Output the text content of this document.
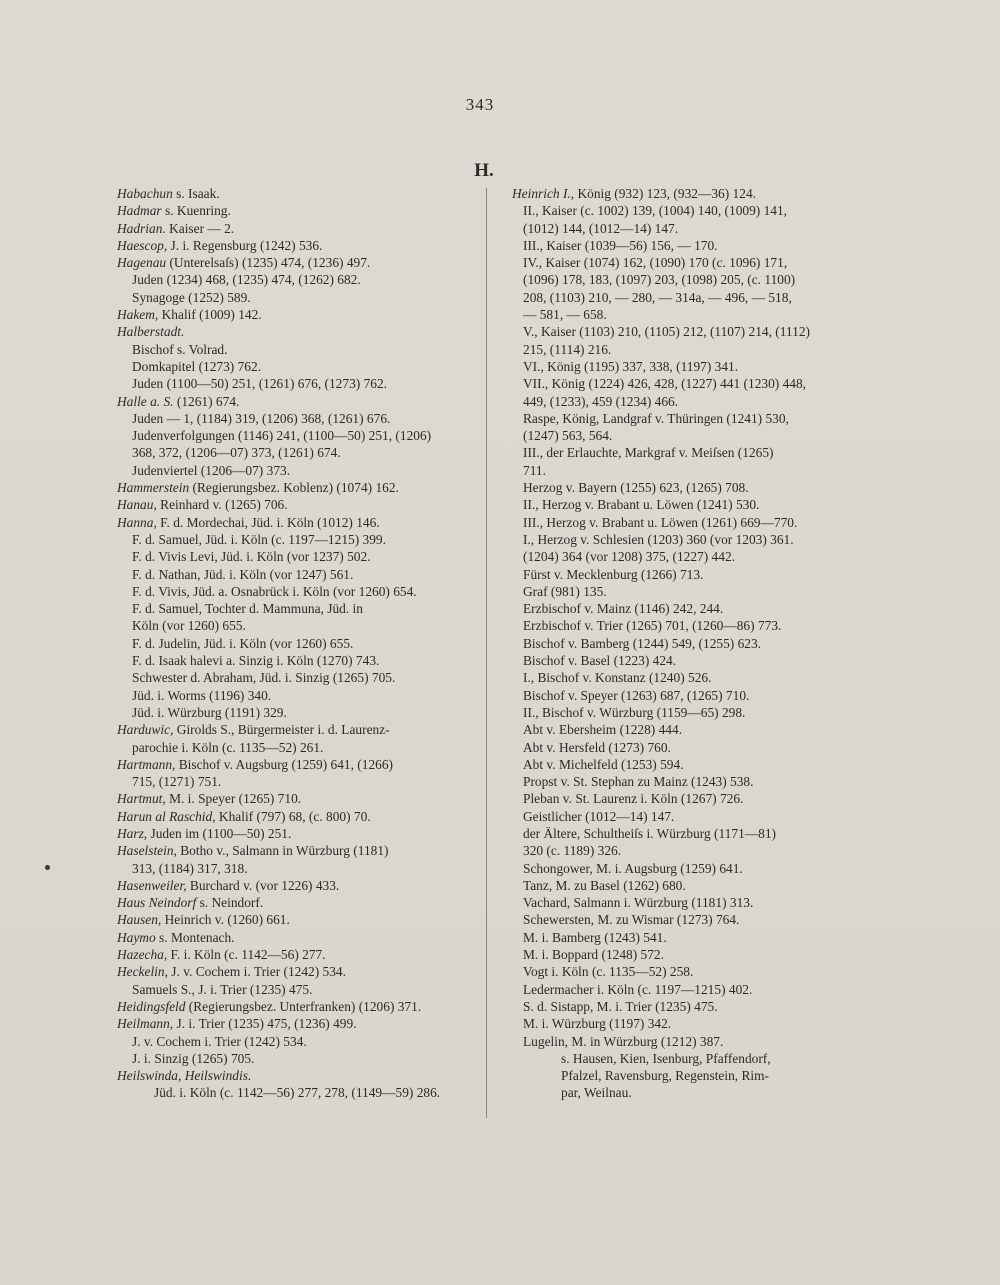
343
H.
Habachun s. Isaak.
Hadmar s. Kuenring.
Hadrian. Kaiser — 2.
Haescop, J. i. Regensburg (1242) 536.
Hagenau (Unterelsaſs) (1235) 474, (1236) 497.
Juden (1234) 468, (1235) 474, (1262) 682.
Synagoge (1252) 589.
Hakem, Khalif (1009) 142.
Halberstadt.
Bischof s. Volrad.
Domkapitel (1273) 762.
Juden (1100—50) 251, (1261) 676, (1273) 762.
Halle a. S. (1261) 674.
Juden — 1, (1184) 319, (1206) 368, (1261) 676.
Judenverfolgungen (1146) 241, (1100—50) 251, (1206)
368, 372, (1206—07) 373, (1261) 674.
Judenviertel (1206—07) 373.
Hammerstein (Regierungsbez. Koblenz) (1074) 162.
Hanau, Reinhard v. (1265) 706.
Hanna, F. d. Mordechai, Jüd. i. Köln (1012) 146.
F. d. Samuel, Jüd. i. Köln (c. 1197—1215) 399.
F. d. Vivis Levi, Jüd. i. Köln (vor 1237) 502.
F. d. Nathan, Jüd. i. Köln (vor 1247) 561.
F. d. Vivis, Jüd. a. Osnabrück i. Köln (vor 1260) 654.
F. d. Samuel, Tochter d. Mammuna, Jüd. in
Köln (vor 1260) 655.
F. d. Judelin, Jüd. i. Köln (vor 1260) 655.
F. d. Isaak halevi a. Sinzig i. Köln (1270) 743.
Schwester d. Abraham, Jüd. i. Sinzig (1265) 705.
Jüd. i. Worms (1196) 340.
Jüd. i. Würzburg (1191) 329.
Harduwic, Girolds S., Bürgermeister i. d. Laurenz-
parochie i. Köln (c. 1135—52) 261.
Hartmann, Bischof v. Augsburg (1259) 641, (1266)
715, (1271) 751.
Hartmut, M. i. Speyer (1265) 710.
Harun al Raschid, Khalif (797) 68, (c. 800) 70.
Harz, Juden im (1100—50) 251.
Haselstein, Botho v., Salmann in Würzburg (1181)
313, (1184) 317, 318.
Hasenweiler, Burchard v. (vor 1226) 433.
Haus Neindorf s. Neindorf.
Hausen, Heinrich v. (1260) 661.
Haymo s. Montenach.
Hazecha, F. i. Köln (c. 1142—56) 277.
Heckelin, J. v. Cochem i. Trier (1242) 534.
Samuels S., J. i. Trier (1235) 475.
Heidingsfeld (Regierungsbez. Unterfranken) (1206) 371.
Heilmann, J. i. Trier (1235) 475, (1236) 499.
J. v. Cochem i. Trier (1242) 534.
J. i. Sinzig (1265) 705.
Heilswinda, Heilswindis.
Jüd. i. Köln (c. 1142—56) 277, 278, (1149—59) 286.
Heinrich I., König (932) 123, (932—36) 124.
II., Kaiser (c. 1002) 139, (1004) 140, (1009) 141,
(1012) 144, (1012—14) 147.
III., Kaiser (1039—56) 156, — 170.
IV., Kaiser (1074) 162, (1090) 170 (c. 1096) 171,
(1096) 178, 183, (1097) 203, (1098) 205, (c. 1100)
208, (1103) 210, — 280, — 314a, — 496, — 518,
— 581, — 658.
V., Kaiser (1103) 210, (1105) 212, (1107) 214, (1112)
215, (1114) 216.
VI., König (1195) 337, 338, (1197) 341.
VII., König (1224) 426, 428, (1227) 441 (1230) 448,
449, (1233), 459 (1234) 466.
Raspe, König, Landgraf v. Thüringen (1241) 530,
(1247) 563, 564.
III., der Erlauchte, Markgraf v. Meiſsen (1265)
711.
Herzog v. Bayern (1255) 623, (1265) 708.
II., Herzog v. Brabant u. Löwen (1241) 530.
III., Herzog v. Brabant u. Löwen (1261) 669—770.
I., Herzog v. Schlesien (1203) 360 (vor 1203) 361.
(1204) 364 (vor 1208) 375, (1227) 442.
Fürst v. Mecklenburg (1266) 713.
Graf (981) 135.
Erzbischof v. Mainz (1146) 242, 244.
Erzbischof v. Trier (1265) 701, (1260—86) 773.
Bischof v. Bamberg (1244) 549, (1255) 623.
Bischof v. Basel (1223) 424.
I., Bischof v. Konstanz (1240) 526.
Bischof v. Speyer (1263) 687, (1265) 710.
II., Bischof v. Würzburg (1159—65) 298.
Abt v. Ebersheim (1228) 444.
Abt v. Hersfeld (1273) 760.
Abt v. Michelfeld (1253) 594.
Propst v. St. Stephan zu Mainz (1243) 538.
Pleban v. St. Laurenz i. Köln (1267) 726.
Geistlicher (1012—14) 147.
der Ältere, Schultheiſs i. Würzburg (1171—81)
320 (c. 1189) 326.
Schongower, M. i. Augsburg (1259) 641.
Tanz, M. zu Basel (1262) 680.
Vachard, Salmann i. Würzburg (1181) 313.
Schewersten, M. zu Wismar (1273) 764.
M. i. Bamberg (1243) 541.
M. i. Boppard (1248) 572.
Vogt i. Köln (c. 1135—52) 258.
Ledermacher i. Köln (c. 1197—1215) 402.
S. d. Sistapp, M. i. Trier (1235) 475.
M. i. Würzburg (1197) 342.
Lugelin, M. in Würzburg (1212) 387.
s. Hausen, Kien, Isenburg, Pfaffendorf,
Pfalzel, Ravensburg, Regenstein, Rim-
par, Weilnau.
